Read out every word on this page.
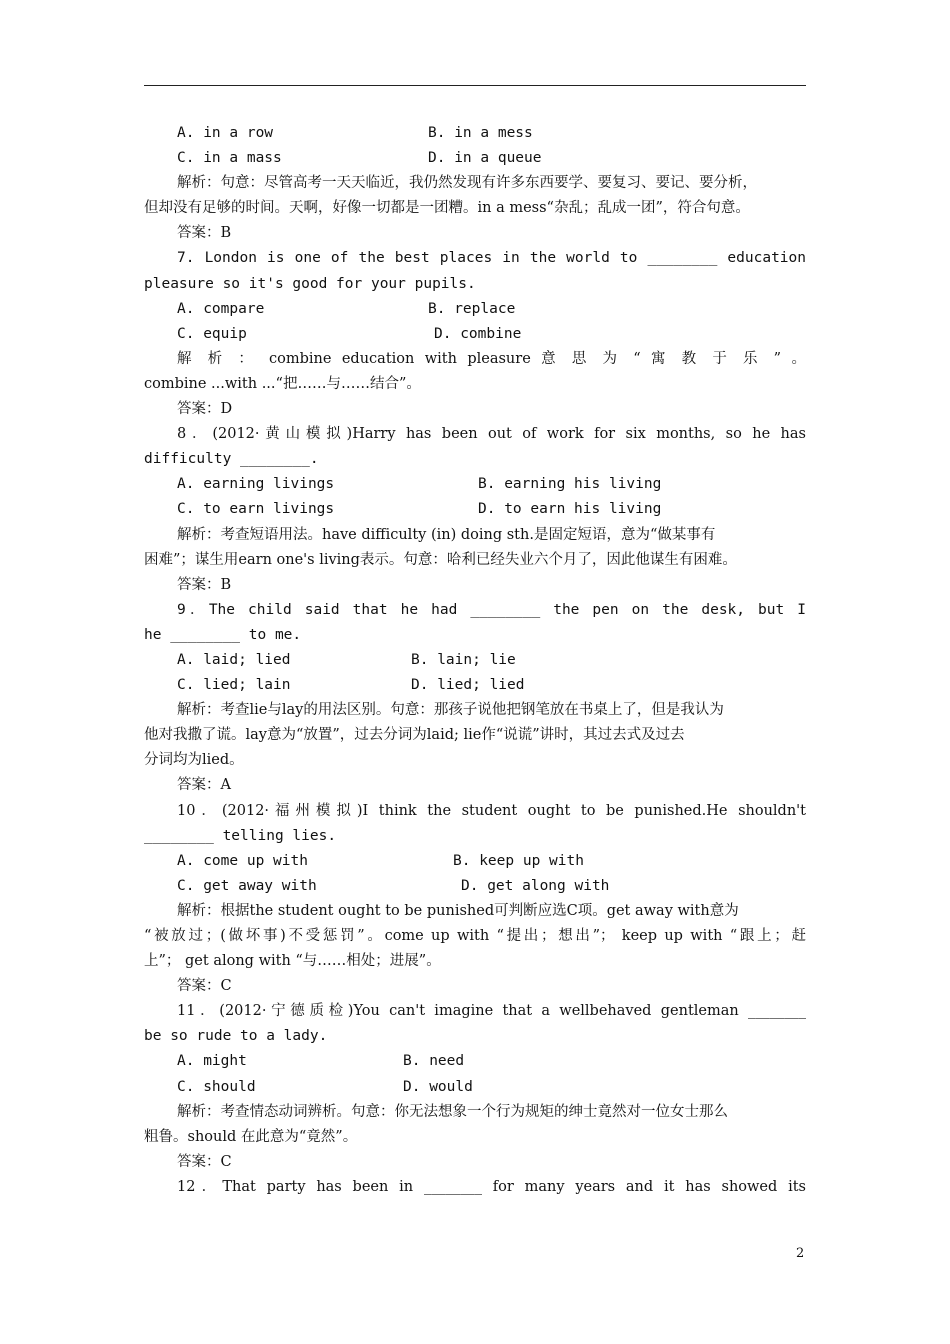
A. in a row	B. in a mess
C. in a mass	D. in a queue
解析：句意：尽管高考一天天临近，我仍然发现有许多东西要学、要复习、要记、要分析，
但却没有足够的时间。天啊，好像一切都是一团糟。in a mess“杂乱；乱成一团”，符合句意。
答案：B
7. London is one of the best places in the world to ________ education
pleasure so it's good for your pupils.
A. compare	B. replace
C. equip	D. combine
解 析 ： combine education with pleasure 意 思 为 “ 寓 教 于 乐 ” 。
combine ...with ...“把……与……结合”。
答案：D
8．(2012·黄山模拟)Harry has been out of work for six months, so he has
difficulty ________.
A. earning livings	B. earning his living
C. to earn livings	D. to earn his living
解析：考查短语用法。have difficulty (in) doing sth.是固定短语，意为“做某事有
困难”；谋生用earn one's living表示。句意：哈利已经失业六个月了，因此他谋生有困难。
答案：B
9．The child said that he had ________ the pen on the desk, but I
he ________ to me.
A. laid; lied	B. lain; lie
C. lied; lain	D. lied; lied
解析：考查lie与lay的用法区别。句意：那孩子说他把钢笔放在书桌上了，但是我认为
他对我撒了谎。lay意为“放置”，过去分词为laid; lie作“说谎”讲时，其过去式及过去
分词均为lied。
答案：A
10．(2012·福州模拟)I think the student ought to be punished.He shouldn't
________ telling lies.
A. come up with	B. keep up with
C. get away with	D. get along with
解析：根据the student ought to be punished可判断应选C项。get away with意为
“被放过；(做坏事)不受惩罚”。come up with “提出；想出”； keep up with “跟上；赶
上”； get along with “与……相处；进展”。
答案：C
11．(2012·宁德质检)You can't imagine that a wellbehaved gentleman ________
be so rude to a lady.
A. might	B. need
C. should	D. would
解析：考查情态动词辨析。句意：你无法想象一个行为规矩的绅士竟然对一位女士那么
粗鲁。should 在此意为“竟然”。
答案：C
12．That party has been in ________ for many years and it has showed its
2
